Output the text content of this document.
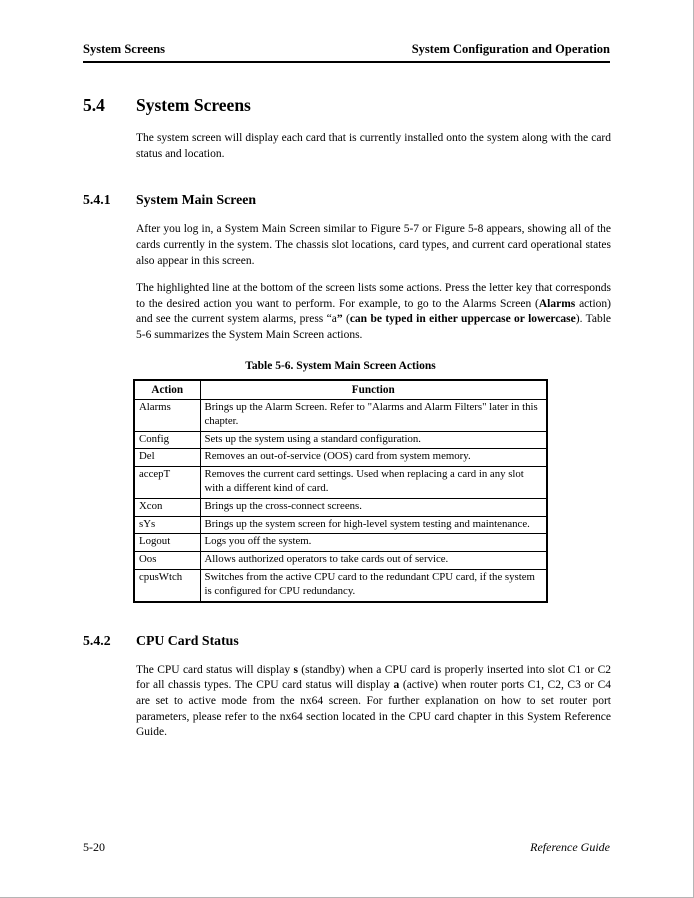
System Screens	System Configuration and Operation
5.4	System Screens

The system screen will display each card that is currently installed onto the system along with the card status and location.

5.4.1	System Main Screen

After you log in, a System Main Screen similar to Figure 5-7 or Figure 5-8 appears, showing all of the cards currently in the system. The chassis slot locations, card types, and current card operational states also appear in this screen.

The highlighted line at the bottom of the screen lists some actions. Press the letter key that corresponds to the desired action you want to perform. For example, to go to the Alarms Screen (Alarms action) and see the current system alarms, press “a” (can be typed in either uppercase or lowercase). Table 5-6 summarizes the System Main Screen actions.

Table 5-6. System Main Screen Actions
Action	Function
Alarms	Brings up the Alarm Screen. Refer to "Alarms and Alarm Filters" later in this chapter.
Config	Sets up the system using a standard configuration.
Del	Removes an out-of-service (OOS) card from system memory.
accepT	Removes the current card settings. Used when replacing a card in any slot with a different kind of card.
Xcon	Brings up the cross-connect screens.
sYs	Brings up the system screen for high-level system testing and maintenance.
Logout	Logs you off the system.
Oos	Allows authorized operators to take cards out of service.
cpusWtch	Switches from the active CPU card to the redundant CPU card, if the system is configured for CPU redundancy.
5.4.2	CPU Card Status

The CPU card status will display s (standby) when a CPU card is properly inserted into slot C1 or C2 for all chassis types. The CPU card status will display a (active) when router ports C1, C2, C3 or C4 are set to active mode from the nx64 screen. For further explanation on how to set router port parameters, please refer to the nx64 section located in the CPU card chapter in this System Reference Guide.

5-20	Reference Guide
